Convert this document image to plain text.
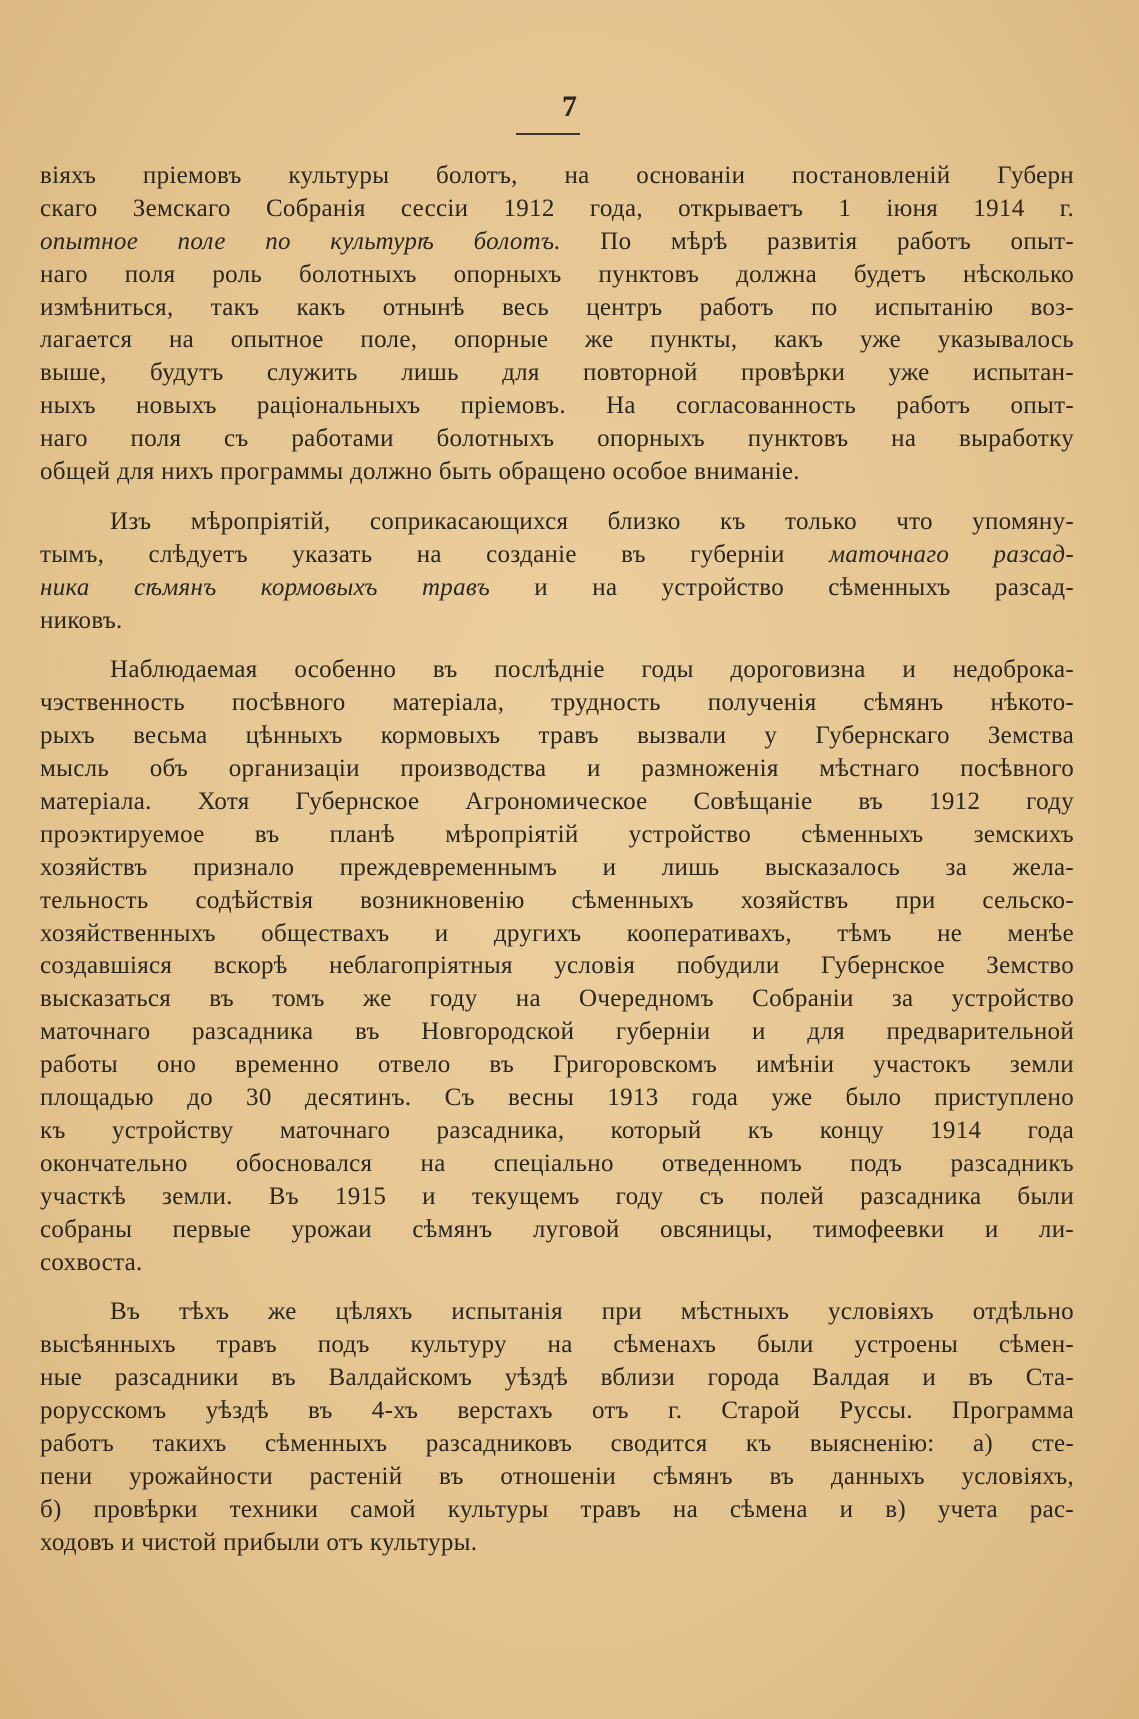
7
віяхъ пріемовъ культуры болотъ, на основаніи постановленій Губерн
скаго Земскаго Собранія сессіи 1912 года, открываетъ 1 іюня 1914 г.
опытное поле по культурѣ болотъ. По мѣрѣ развитія работъ опыт-
наго поля роль болотныхъ опорныхъ пунктовъ должна будетъ нѣсколько
измѣниться, такъ какъ отнынѣ весь центръ работъ по испытанію воз-
лагается на опытное поле, опорные же пункты, какъ уже указывалось
выше, будутъ служить лишь для повторной провѣрки уже испытан-
ныхъ новыхъ раціональныхъ пріемовъ. На согласованность работъ опыт-
наго поля съ работами болотныхъ опорныхъ пунктовъ на выработку
общей для нихъ программы должно быть обращено особое вниманіе.
Изъ мѣропріятій, соприкасающихся близко къ только что упомяну-
тымъ, слѣдуетъ указать на созданіе въ губерніи маточнаго разсад-
ника сѣмянъ кормовыхъ травъ и на устройство сѣменныхъ разсад-
никовъ.
Наблюдаемая особенно въ послѣдніе годы дороговизна и недоброка-
чэственность посѣвного матеріала, трудность полученія сѣмянъ нѣкото-
рыхъ весьма цѣнныхъ кормовыхъ травъ вызвали у Губернскаго Земства
мысль объ организаціи производства и размноженія мѣстнаго посѣвного
матеріала. Хотя Губернское Агрономическое Совѣщаніе въ 1912 году
проэктируемое въ планѣ мѣропріятій устройство сѣменныхъ земскихъ
хозяйствъ признало преждевременнымъ и лишь высказалось за жела-
тельность содѣйствія возникновенію сѣменныхъ хозяйствъ при сельско-
хозяйственныхъ обществахъ и другихъ кооперативахъ, тѣмъ не менѣе
создавшіяся вскорѣ неблагопріятныя условія побудили Губернское Земство
высказаться въ томъ же году на Очередномъ Собраніи за устройство
маточнаго разсадника въ Новгородской губерніи и для предварительной
работы оно временно отвело въ Григоровскомъ имѣніи участокъ земли
площадью до 30 десятинъ. Съ весны 1913 года уже было приступлено
къ устройству маточнаго разсадника, который къ концу 1914 года
окончательно обосновался на спеціально отведенномъ подъ разсадникъ
участкѣ земли. Въ 1915 и текущемъ году съ полей разсадника были
собраны первые урожаи сѣмянъ луговой овсяницы, тимофеевки и ли-
сохвоста.
Въ тѣхъ же цѣляхъ испытанія при мѣстныхъ условіяхъ отдѣльно
высѣянныхъ травъ подъ культуру на сѣменахъ были устроены сѣмен-
ные разсадники въ Валдайскомъ уѣздѣ вблизи города Валдая и въ Ста-
рорусскомъ уѣздѣ въ 4-хъ верстахъ отъ г. Старой Руссы. Программа
работъ такихъ сѣменныхъ разсадниковъ сводится къ выясненію: а) сте-
пени урожайности растеній въ отношеніи сѣмянъ въ данныхъ условіяхъ,
б) провѣрки техники самой культуры травъ на сѣмена и в) учета рас-
ходовъ и чистой прибыли отъ культуры.
